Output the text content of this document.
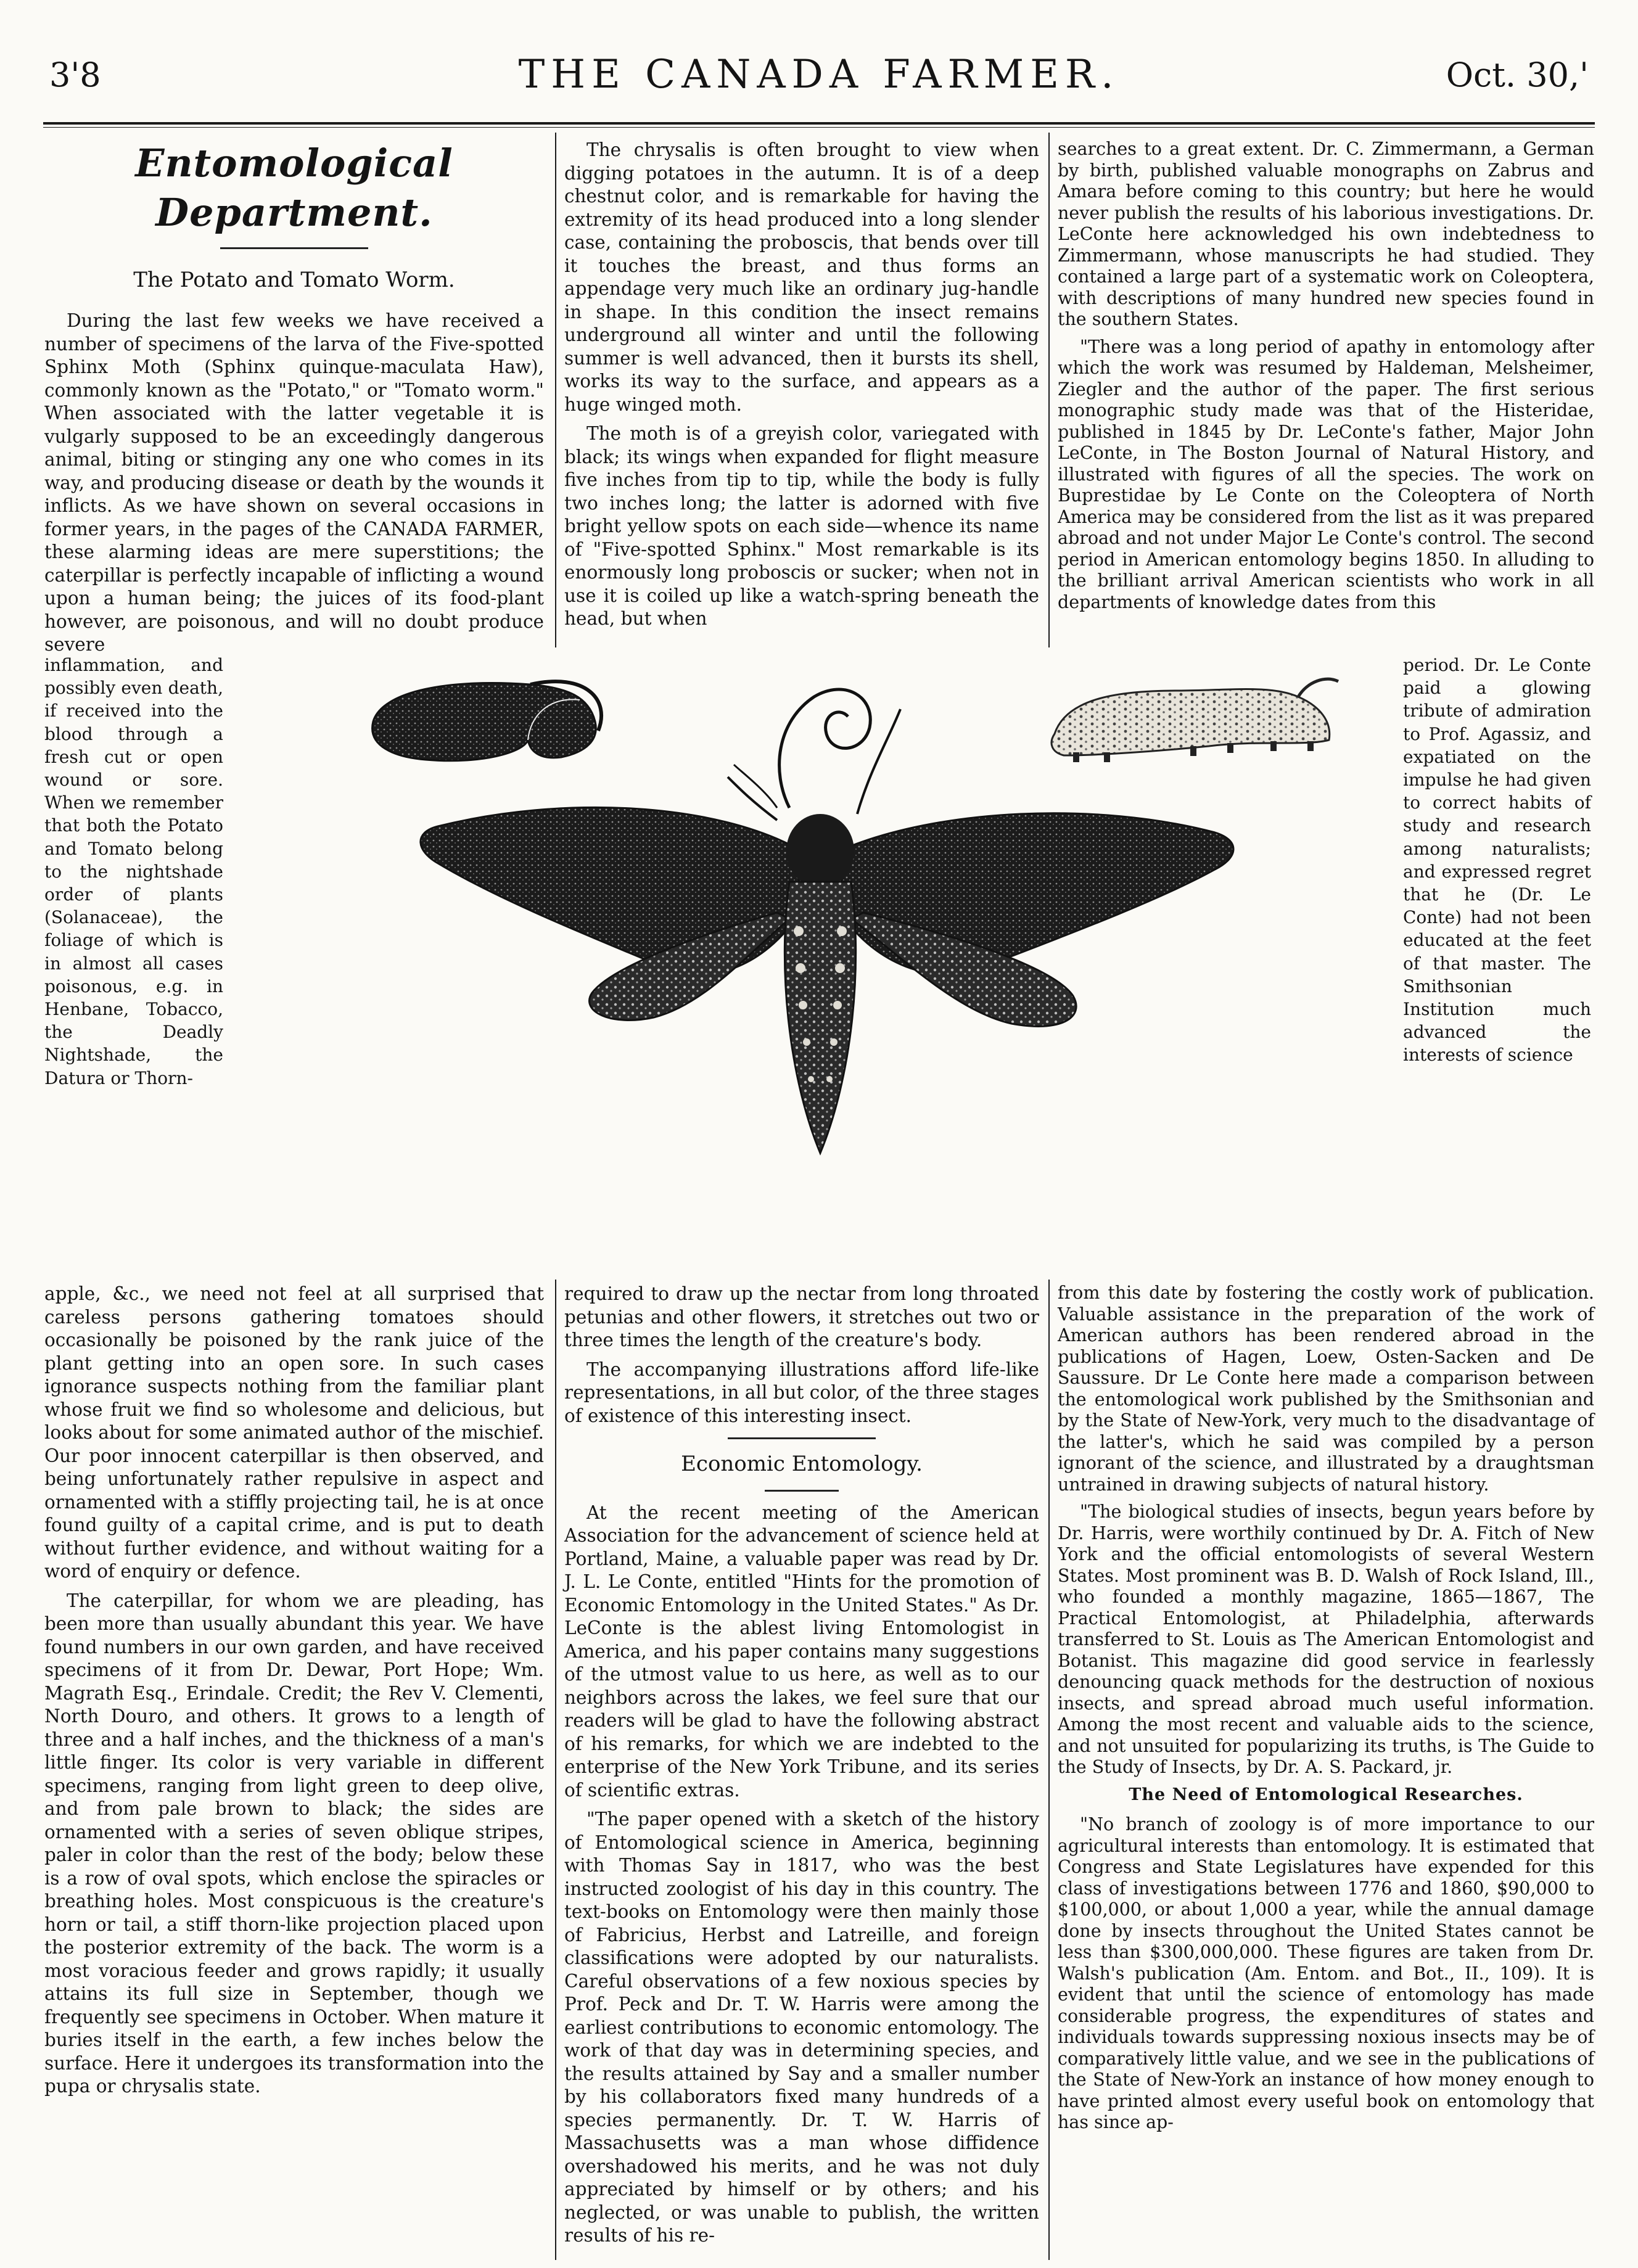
3'8	THE CANADA FARMER.	Oct. 30,'
Entomological Department.
The Potato and Tomato Worm.

During the last few weeks we have received a number of specimens of the larva of the Five-spotted Sphinx Moth (Sphinx quinque-maculata Haw), commonly known as the "Potato," or "Tomato worm." When associated with the latter vegetable it is vulgarly supposed to be an exceedingly dangerous animal, biting or stinging any one who comes in its way, and producing disease or death by the wounds it inflicts. As we have shown on several occasions in former years, in the pages of the CANADA FARMER, these alarming ideas are mere superstitions; the caterpillar is perfectly incapable of inflicting a wound upon a human being; the juices of its food-plant however, are poisonous, and will no doubt produce severe

inflammation, and possibly even death, if received into the blood through a fresh cut or open wound or sore. When we remember that both the Potato and Tomato belong to the nightshade order of plants (Solanaceae), the foliage of which is in almost all cases poisonous, e.g. in Henbane, Tobacco, the Deadly Nightshade, the Datura or Thorn-

apple, &c., we need not feel at all surprised that careless persons gathering tomatoes should occasionally be poisoned by the rank juice of the plant getting into an open sore. In such cases ignorance suspects nothing from the familiar plant whose fruit we find so wholesome and delicious, but looks about for some animated author of the mischief. Our poor innocent caterpillar is then observed, and being unfortunately rather repulsive in aspect and ornamented with a stiffly projecting tail, he is at once found guilty of a capital crime, and is put to death without further evidence, and without waiting for a word of enquiry or defence.

The caterpillar, for whom we are pleading, has been more than usually abundant this year. We have found numbers in our own garden, and have received specimens of it from Dr. Dewar, Port Hope; Wm. Magrath Esq., Erindale. Credit; the Rev V. Clementi, North Douro, and others. It grows to a length of three and a half inches, and the thickness of a man's little finger. Its color is very variable in different specimens, ranging from light green to deep olive, and from pale brown to black; the sides are ornamented with a series of seven oblique stripes, paler in color than the rest of the body; below these is a row of oval spots, which enclose the spiracles or breathing holes. Most conspicuous is the creature's horn or tail, a stiff thorn-like projection placed upon the posterior extremity of the back. The worm is a most voracious feeder and grows rapidly; it usually attains its full size in September, though we frequently see specimens in October. When mature it buries itself in the earth, a few inches below the surface. Here it undergoes its transformation into the pupa or chrysalis state.

The chrysalis is often brought to view when digging potatoes in the autumn. It is of a deep chestnut color, and is remarkable for having the extremity of its head produced into a long slender case, containing the proboscis, that bends over till it touches the breast, and thus forms an appendage very much like an ordinary jug-handle in shape. In this condition the insect remains underground all winter and until the following summer is well advanced, then it bursts its shell, works its way to the surface, and appears as a huge winged moth.

The moth is of a greyish color, variegated with black; its wings when expanded for flight measure five inches from tip to tip, while the body is fully two inches long; the latter is adorned with five bright yellow spots on each side—whence its name of "Five-spotted Sphinx." Most remarkable is its enormously long proboscis or sucker; when not in use it is coiled up like a watch-spring beneath the head, but when

required to draw up the nectar from long throated petunias and other flowers, it stretches out two or three times the length of the creature's body.

The accompanying illustrations afford life-like representations, in all but color, of the three stages of existence of this interesting insect.

Economic Entomology.

At the recent meeting of the American Association for the advancement of science held at Portland, Maine, a valuable paper was read by Dr. J. L. Le Conte, entitled "Hints for the promotion of Economic Entomology in the United States." As Dr. LeConte is the ablest living Entomologist in America, and his paper contains many suggestions of the utmost value to us here, as well as to our neighbors across the lakes, we feel sure that our readers will be glad to have the following abstract of his remarks, for which we are indebted to the enterprise of the New York Tribune, and its series of scientific extras.

"The paper opened with a sketch of the history of Entomological science in America, beginning with Thomas Say in 1817, who was the best instructed zoologist of his day in this country. The text-books on Entomology were then mainly those of Fabricius, Herbst and Latreille, and foreign classifications were adopted by our naturalists. Careful observations of a few noxious species by Prof. Peck and Dr. T. W. Harris were among the earliest contributions to economic entomology. The work of that day was in determining species, and the results attained by Say and a smaller number by his collaborators fixed many hundreds of a species permanently. Dr. T. W. Harris of Massachusetts was a man whose diffidence overshadowed his merits, and he was not duly appreciated by himself or by others; and his neglected, or was unable to publish, the written results of his re-

searches to a great extent. Dr. C. Zimmermann, a German by birth, published valuable monographs on Zabrus and Amara before coming to this country; but here he would never publish the results of his laborious investigations. Dr. LeConte here acknowledged his own indebtedness to Zimmermann, whose manuscripts he had studied. They contained a large part of a systematic work on Coleoptera, with descriptions of many hundred new species found in the southern States.

"There was a long period of apathy in entomology after which the work was resumed by Haldeman, Melsheimer, Ziegler and the author of the paper. The first serious monographic study made was that of the Histeridae, published in 1845 by Dr. LeConte's father, Major John LeConte, in The Boston Journal of Natural History, and illustrated with figures of all the species. The work on Buprestidae by Le Conte on the Coleoptera of North America may be considered from the list as it was prepared abroad and not under Major Le Conte's control. The second period in American entomology begins 1850. In alluding to the brilliant arrival American scientists who work in all departments of knowledge dates from this

period. Dr. Le Conte paid a glowing tribute of admiration to Prof. Agassiz, and expatiated on the impulse he had given to correct habits of study and research among naturalists; and expressed regret that he (Dr. Le Conte) had not been educated at the feet of that master. The Smithsonian Institution much advanced the interests of science

from this date by fostering the costly work of publication. Valuable assistance in the preparation of the work of American authors has been rendered abroad in the publications of Hagen, Loew, Osten-Sacken and De Saussure. Dr Le Conte here made a comparison between the entomological work published by the Smithsonian and by the State of New-York, very much to the disadvantage of the latter's, which he said was compiled by a person ignorant of the science, and illustrated by a draughtsman untrained in drawing subjects of natural history.

"The biological studies of insects, begun years before by Dr. Harris, were worthily continued by Dr. A. Fitch of New York and the official entomologists of several Western States. Most prominent was B. D. Walsh of Rock Island, Ill., who founded a monthly magazine, 1865—1867, The Practical Entomologist, at Philadelphia, afterwards transferred to St. Louis as The American Entomologist and Botanist. This magazine did good service in fearlessly denouncing quack methods for the destruction of noxious insects, and spread abroad much useful information. Among the most recent and valuable aids to the science, and not unsuited for popularizing its truths, is The Guide to the Study of Insects, by Dr. A. S. Packard, jr.

The Need of Entomological Researches.

"No branch of zoology is of more importance to our agricultural interests than entomology. It is estimated that Congress and State Legislatures have expended for this class of investigations between 1776 and 1860, $90,000 to $100,000, or about 1,000 a year, while the annual damage done by insects throughout the United States cannot be less than $300,000,000. These figures are taken from Dr. Walsh's publication (Am. Entom. and Bot., II., 109). It is evident that until the science of entomology has made considerable progress, the expenditures of states and individuals towards suppressing noxious insects may be of comparatively little value, and we see in the publications of the State of New-York an instance of how money enough to have printed almost every useful book on entomology that has since ap-
